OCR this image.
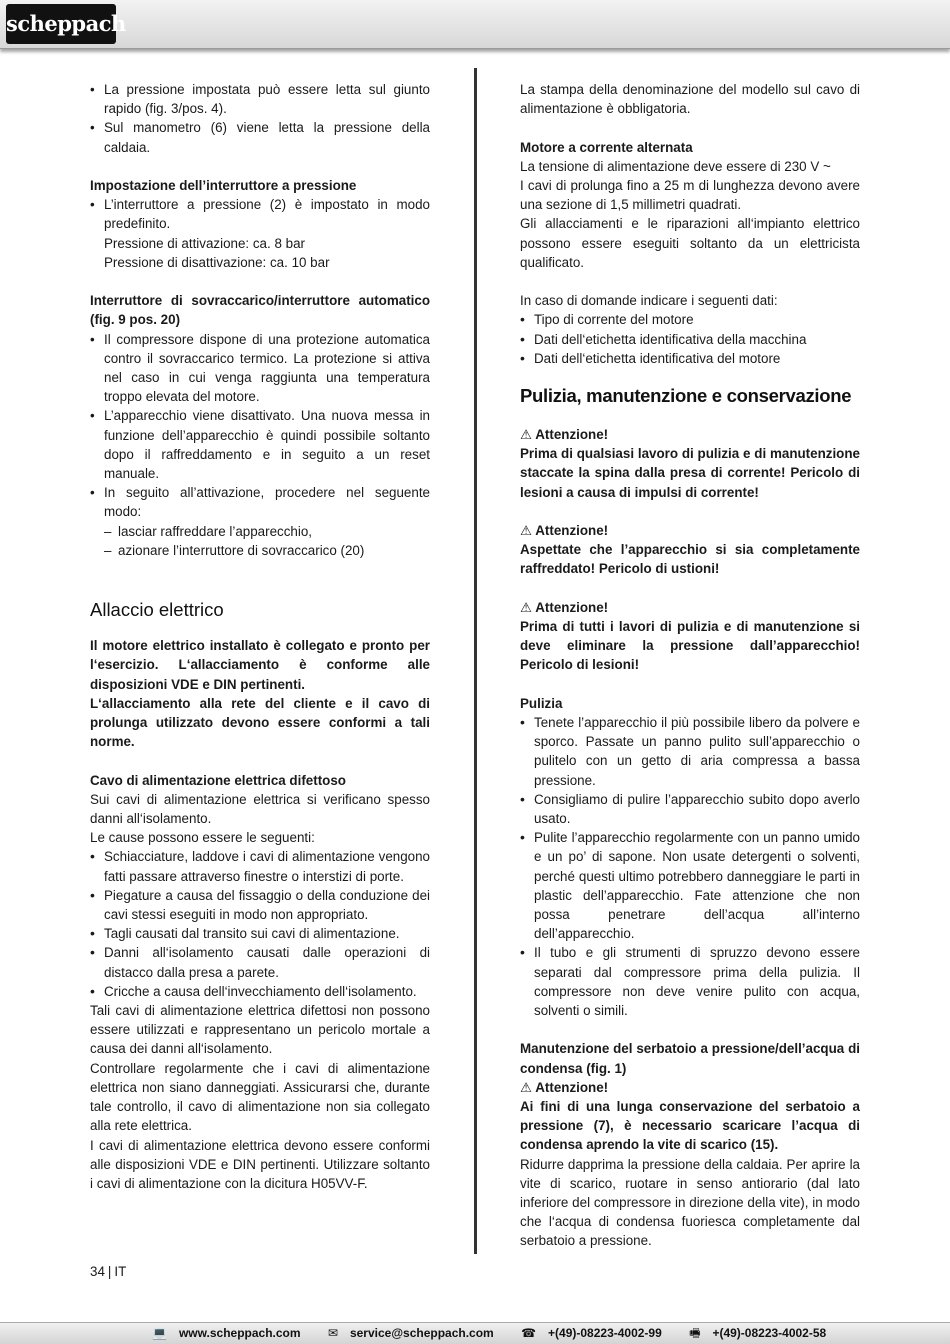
scheppach
• La pressione impostata può essere letta sul giunto rapido (fig. 3/pos. 4).
• Sul manometro (6) viene letta la pressione della caldaia.

Impostazione dell’interruttore a pressione

• L’interruttore a pressione (2) è impostato in modo predefinito.
Pressione di attivazione: ca. 8 bar
Pressione di disattivazione: ca. 10 bar

Interruttore di sovraccarico/interruttore automatico (fig. 9 pos. 20)

• Il compressore dispone di una protezione automatica contro il sovraccarico termico. La protezione si attiva nel caso in cui venga raggiunta una temperatura troppo elevata del motore.
• L’apparecchio viene disattivato. Una nuova messa in funzione dell’apparecchio è quindi possibile soltanto dopo il raffreddamento e in seguito a un reset manuale.
• In seguito all’attivazione, procedere nel seguente modo:
– lasciar raffreddare l’apparecchio,
– azionare l’interruttore di sovraccarico (20)
Allaccio elettrico

Il motore elettrico installato è collegato e pronto per l‘esercizio. L‘allacciamento è conforme alle disposizioni VDE e DIN pertinenti.

L‘allacciamento alla rete del cliente e il cavo di prolunga utilizzato devono essere conformi a tali norme.

Cavo di alimentazione elettrica difettoso

Sui cavi di alimentazione elettrica si verificano spesso danni all‘isolamento.

Le cause possono essere le seguenti:

• Schiacciature, laddove i cavi di alimentazione vengono fatti passare attraverso finestre o interstizi di porte.
• Piegature a causa del fissaggio o della conduzione dei cavi stessi eseguiti in modo non appropriato.
• Tagli causati dal transito sui cavi di alimentazione.
• Danni all‘isolamento causati dalle operazioni di distacco dalla presa a parete.
• Cricche a causa dell‘invecchiamento dell‘isolamento.

Tali cavi di alimentazione elettrica difettosi non possono essere utilizzati e rappresentano un pericolo mortale a causa dei danni all‘isolamento.

Controllare regolarmente che i cavi di alimentazione elettrica non siano danneggiati. Assicurarsi che, durante tale controllo, il cavo di alimentazione non sia collegato alla rete elettrica.

I cavi di alimentazione elettrica devono essere conformi alle disposizioni VDE e DIN pertinenti. Utilizzare soltanto i cavi di alimentazione con la dicitura H05VV-F.

La stampa della denominazione del modello sul cavo di alimentazione è obbligatoria.

Motore a corrente alternata

La tensione di alimentazione deve essere di 230 V ~

I cavi di prolunga fino a 25 m di lunghezza devono avere una sezione di 1,5 millimetri quadrati.

Gli allacciamenti e le riparazioni all‘impianto elettrico possono essere eseguiti soltanto da un elettricista qualificato.

In caso di domande indicare i seguenti dati:

• Tipo di corrente del motore
• Dati dell‘etichetta identificativa della macchina
• Dati dell‘etichetta identificativa del motore
Pulizia, manutenzione e conservazione

⚠ Attenzione!

Prima di qualsiasi lavoro di pulizia e di manutenzione staccate la spina dalla presa di corrente! Pericolo di lesioni a causa di impulsi di corrente!

⚠ Attenzione!

Aspettate che l’apparecchio si sia completamente raffreddato! Pericolo di ustioni!

⚠ Attenzione!

Prima di tutti i lavori di pulizia e di manutenzione si deve eliminare la pressione dall’apparecchio! Pericolo di lesioni!

Pulizia

• Tenete l’apparecchio il più possibile libero da polvere e sporco. Passate un panno pulito sull’apparecchio o pulitelo con un getto di aria compressa a bassa pressione.
• Consigliamo di pulire l’apparecchio subito dopo averlo usato.
• Pulite l’apparecchio regolarmente con un panno umido e un po’ di sapone. Non usate detergenti o solventi, perché questi ultimo potrebbero danneggiare le parti in plastic dell’apparecchio. Fate attenzione che non possa penetrare dell’acqua all’interno dell’apparecchio.
• Il tubo e gli strumenti di spruzzo devono essere separati dal compressore prima della pulizia. Il compressore non deve venire pulito con acqua, solventi o simili.

Manutenzione del serbatoio a pressione/dell’acqua di condensa (fig. 1)

⚠ Attenzione!

Ai fini di una lunga conservazione del serbatoio a pressione (7), è necessario scaricare l’acqua di condensa aprendo la vite di scarico (15).

Ridurre dapprima la pressione della caldaia. Per aprire la vite di scarico, ruotare in senso antiorario (dal lato inferiore del compressore in direzione della vite), in modo che l‘acqua di condensa fuoriesca completamente dal serbatoio a pressione.

34 | IT
💻 www.scheppach.com ✉ service@scheppach.com ☎ +(49)-08223-4002-99 🖷 +(49)-08223-4002-58
